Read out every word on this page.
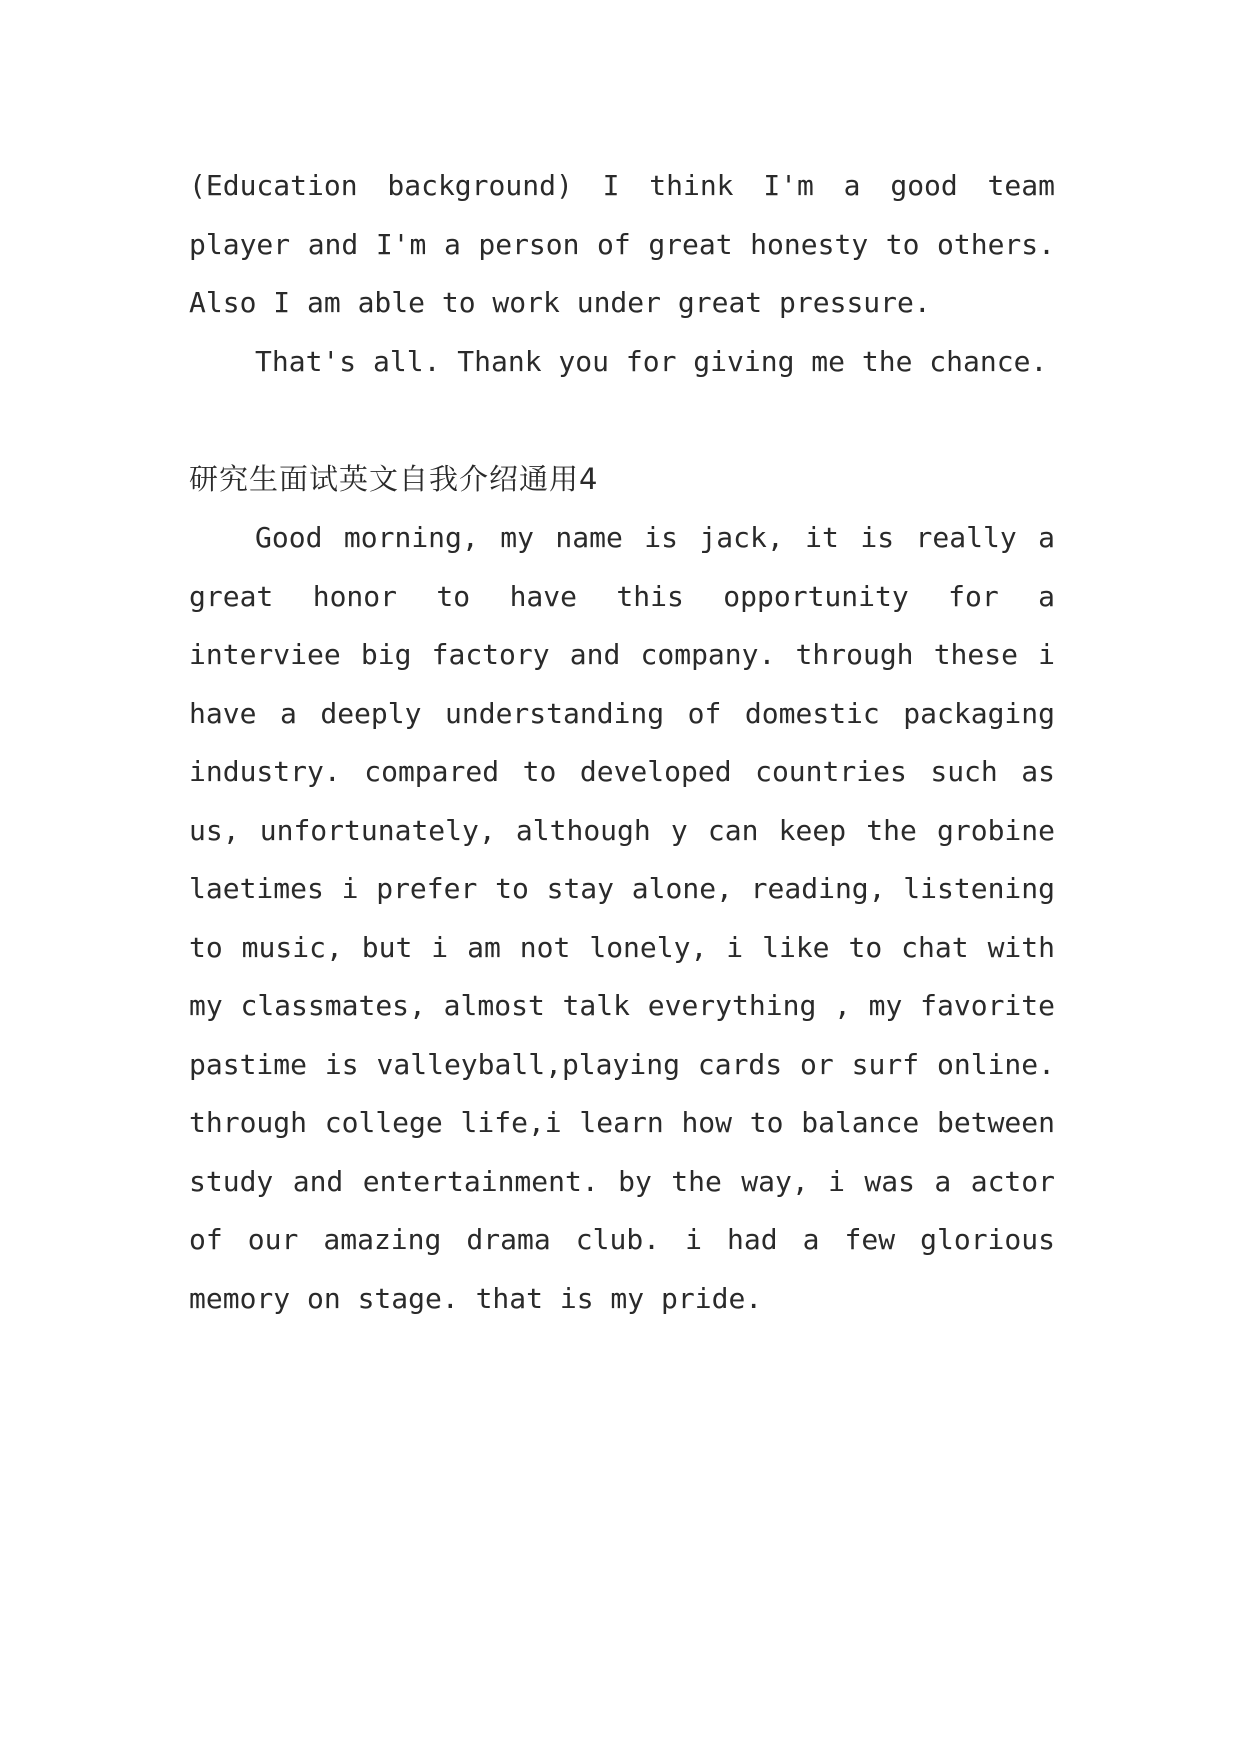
(Education background) I think I'm a good team
player and I'm a person of great honesty to others.
Also I am able to work under great pressure.
That's all. Thank you for giving me the chance.
研究生面试英文自我介绍通用4
Good morning, my name is jack, it is really a
great honor to have this opportunity for a
interviee big factory and company. through these i
have a deeply understanding of domestic packaging
industry. compared to developed countries such as
us, unfortunately, although y can keep the grobine
laetimes i prefer to stay alone, reading, listening
to music, but i am not lonely, i like to chat with
my classmates, almost talk everything , my favorite
pastime is valleyball,playing cards or surf online.
through college life,i learn how to balance between
study and entertainment. by the way, i was a actor
of our amazing drama club. i had a few glorious
memory on stage. that is my pride.
